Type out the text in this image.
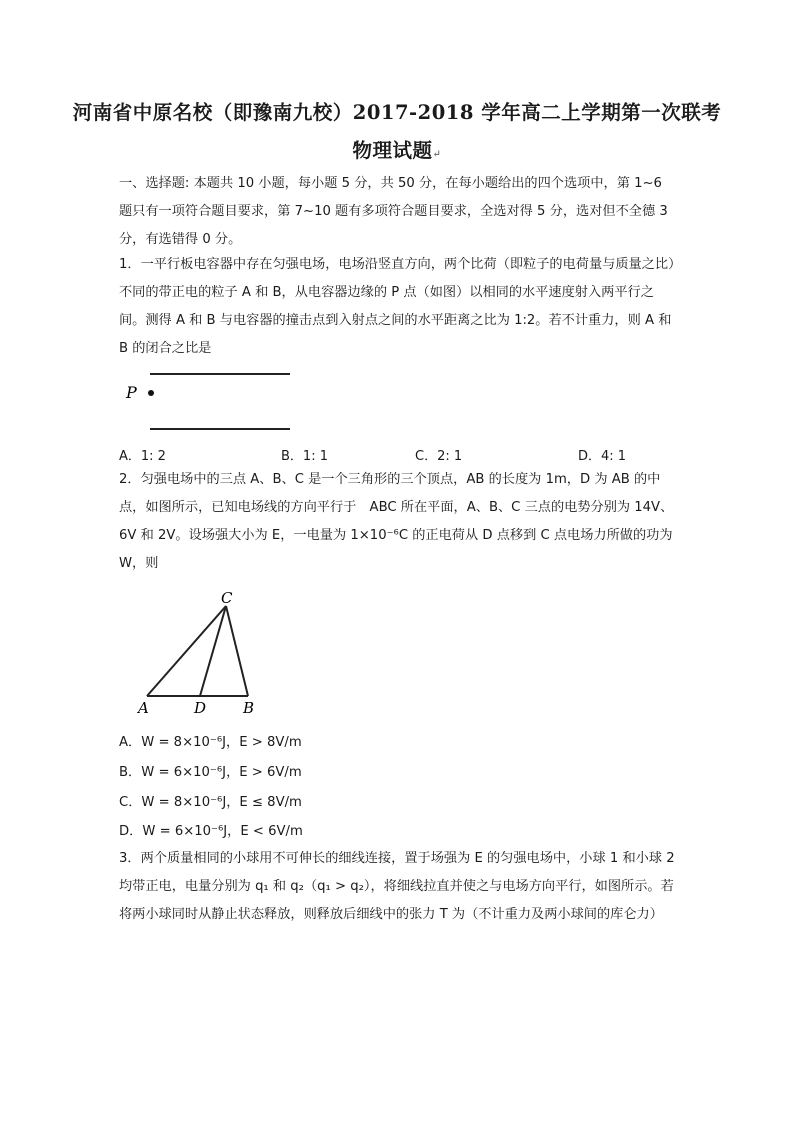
河南省中原名校（即豫南九校）2017-2018 学年高二上学期第一次联考
物理试题↵
一、选择题: 本题共 10 小题，每小题 5 分，共 50 分，在每小题给出的四个选项中，第 1~6 题只有一项符合题目要求，第 7~10 题有多项符合题目要求，全选对得 5 分，选对但不全德 3 分，有选错得 0 分。
1．一平行板电容器中存在匀强电场，电场沿竖直方向，两个比荷（即粒子的电荷量与质量之比）不同的带正电的粒子 A 和 B，从电容器边缘的 P 点（如图）以相同的水平速度射入两平行之间。测得 A 和 B 与电容器的撞击点到入射点之间的水平距离之比为 1:2。若不计重力，则 A 和 B 的闭合之比是
P
A．1: 2	B．1: 1	C．2: 1	D．4: 1
2．匀强电场中的三点 A、B、C 是一个三角形的三个顶点，AB 的长度为 1m，D 为 AB 的中点，如图所示，已知电场线的方向平行于　ABC 所在平面，A、B、C 三点的电势分别为 14V、6V 和 2V。设场强大小为 E，一电量为 1×10⁻⁶C 的正电荷从 D 点移到 C 点电场力所做的功为 W，则
C
A	D B
A．W = 8×10⁻⁶J，E > 8V/m
B．W = 6×10⁻⁶J，E > 6V/m
C．W = 8×10⁻⁶J，E ≤ 8V/m
D．W = 6×10⁻⁶J，E < 6V/m
3．两个质量相同的小球用不可伸长的细线连接，置于场强为 E 的匀强电场中，小球 1 和小球 2 均带正电，电量分别为 q₁ 和 q₂（q₁ > q₂），将细线拉直并使之与电场方向平行，如图所示。若将两小球同时从静止状态释放，则释放后细线中的张力 T 为（不计重力及两小球间的库仑力）
